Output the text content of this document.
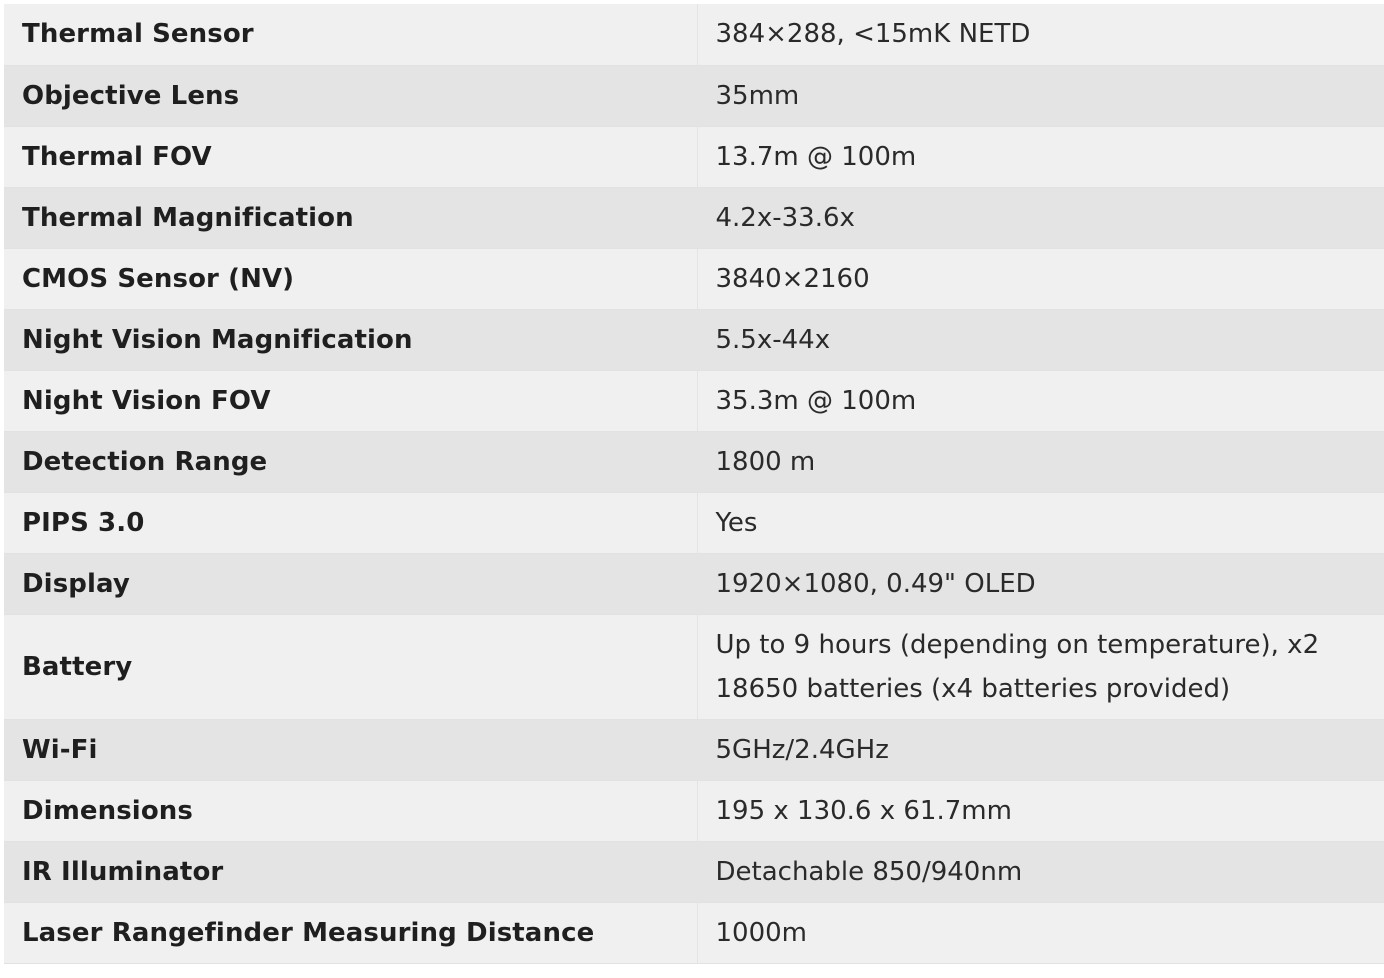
Thermal Sensor	384×288, <15mK NETD
Objective Lens	35mm
Thermal FOV	13.7m @ 100m
Thermal Magnification	4.2x-33.6x
CMOS Sensor (NV)	3840×2160
Night Vision Magnification	5.5x-44x
Night Vision FOV	35.3m @ 100m
Detection Range	1800 m
PIPS 3.0	Yes
Display	1920×1080, 0.49" OLED
Battery	Up to 9 hours (depending on temperature), x2 18650 batteries (x4 batteries provided)
Wi-Fi	5GHz/2.4GHz
Dimensions	195 x 130.6 x 61.7mm
IR Illuminator	Detachable 850/940nm
Laser Rangefinder Measuring Distance	1000m
